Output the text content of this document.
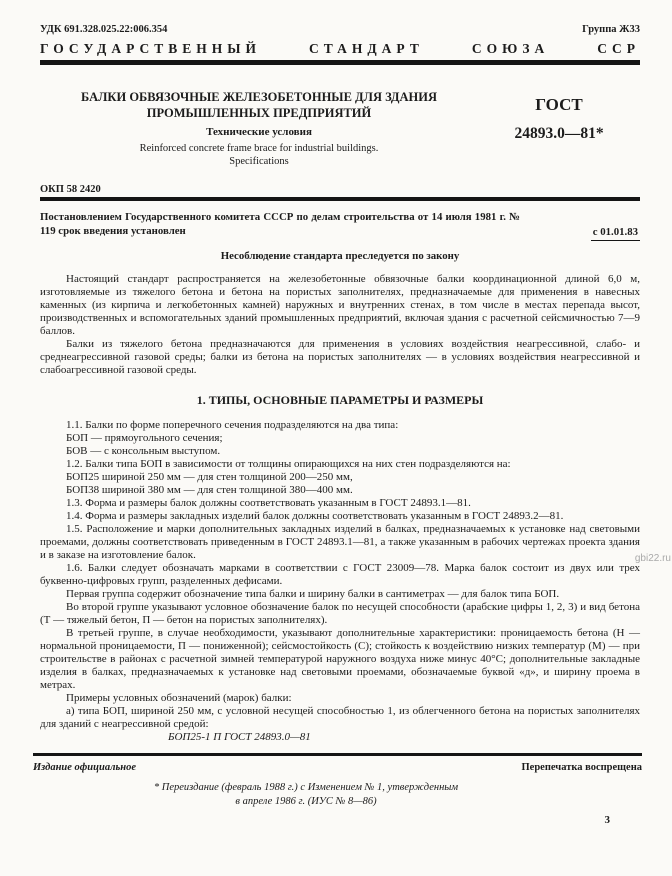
УДК 691.328.025.22:006.354	Группа Ж33
ГОСУДАРСТВЕННЫЙ	СТАНДАРТ	СОЮЗА	ССР
БАЛКИ ОБВЯЗОЧНЫЕ ЖЕЛЕЗОБЕТОННЫЕ ДЛЯ ЗДАНИЯ
ПРОМЫШЛЕННЫХ ПРЕДПРИЯТИЙ
Технические условия
Reinforced concrete frame brace for industrial buildings.
Specifications
ГОСТ
24893.0—81*
ОКП 58 2420

Постановлением Государственного комитета СССР по делам строительства от 14 июля 1981 г. № 119 срок введения установлен	с 01.01.83
Несоблюдение стандарта преследуется по закону

Настоящий стандарт распространяется на железобетонные обвязочные балки координационной длиной 6,0 м, изготовляемые из тяжелого бетона и бетона на пористых заполнителях, предназначаемые для применения в навесных каменных (из кирпича и легкобетонных камней) наружных и внутренних стенах, в том числе в местах перепада высот, производственных и вспомогательных зданий промышленных предприятий, включая здания с расчетной сейсмичностью 7—9 баллов.

Балки из тяжелого бетона предназначаются для применения в условиях воздействия неагрессивной, слабо- и среднеагрессивной газовой среды; балки из бетона на пористых заполнителях — в условиях воздействия неагрессивной и слабоагрессивной газовой среды.

1. ТИПЫ, ОСНОВНЫЕ ПАРАМЕТРЫ И РАЗМЕРЫ

1.1. Балки по форме поперечного сечения подразделяются на два типа:

БОП — прямоугольного сечения;

БОВ — с консольным выступом.

1.2. Балки типа БОП в зависимости от толщины опирающихся на них стен подразделяются на:

БОП25 шириной 250 мм — для стен толщиной 200—250 мм,

БОП38 шириной 380 мм — для стен толщиной 380—400 мм.

1.3. Форма и размеры балок должны соответствовать указанным в ГОСТ 24893.1—81.

1.4. Форма и размеры закладных изделий балок должны соответствовать указанным в ГОСТ 24893.2—81.

1.5. Расположение и марки дополнительных закладных изделий в балках, предназначаемых к установке над световыми проемами, должны соответствовать приведенным в ГОСТ 24893.1—81, а также указанным в рабочих чертежах проекта здания и в заказе на изготовление балок.

1.6. Балки следует обозначать марками в соответствии с ГОСТ 23009—78. Марка балок состоит из двух или трех буквенно-цифровых групп, разделенных дефисами.

Первая группа содержит обозначение типа балки и ширину балки в сантиметрах — для балок типа БОП.

Во второй группе указывают условное обозначение балок по несущей способности (арабские цифры 1, 2, 3) и вид бетона (Т — тяжелый бетон, П — бетон на пористых заполнителях).

В третьей группе, в случае необходимости, указывают дополнительные характеристики: проницаемость бетона (Н — нормальной проницаемости, П — пониженной); сейсмостойкость (С); стойкость к воздействию низких температур (М) — при строительстве в районах с расчетной зимней температурой наружного воздуха ниже минус 40°С; дополнительные закладные изделия в балках, предназначаемых к установке над световыми проемами, обозначаемые буквой «д», и ширину проема в метрах.

Примеры условных обозначений (марок) балки:

а) типа БОП, шириной 250 мм, с условной несущей способностью 1, из облегченного бетона на пористых заполнителях для зданий с неагрессивной средой:

БОП25-1 П ГОСТ 24893.0—81

Издание официальное	Перепечатка воспрещена
* Переиздание (февраль 1988 г.) с Изменением № 1, утвержденным
в апреле 1986 г. (ИУС № 8—86)
3
gbi22.ru
